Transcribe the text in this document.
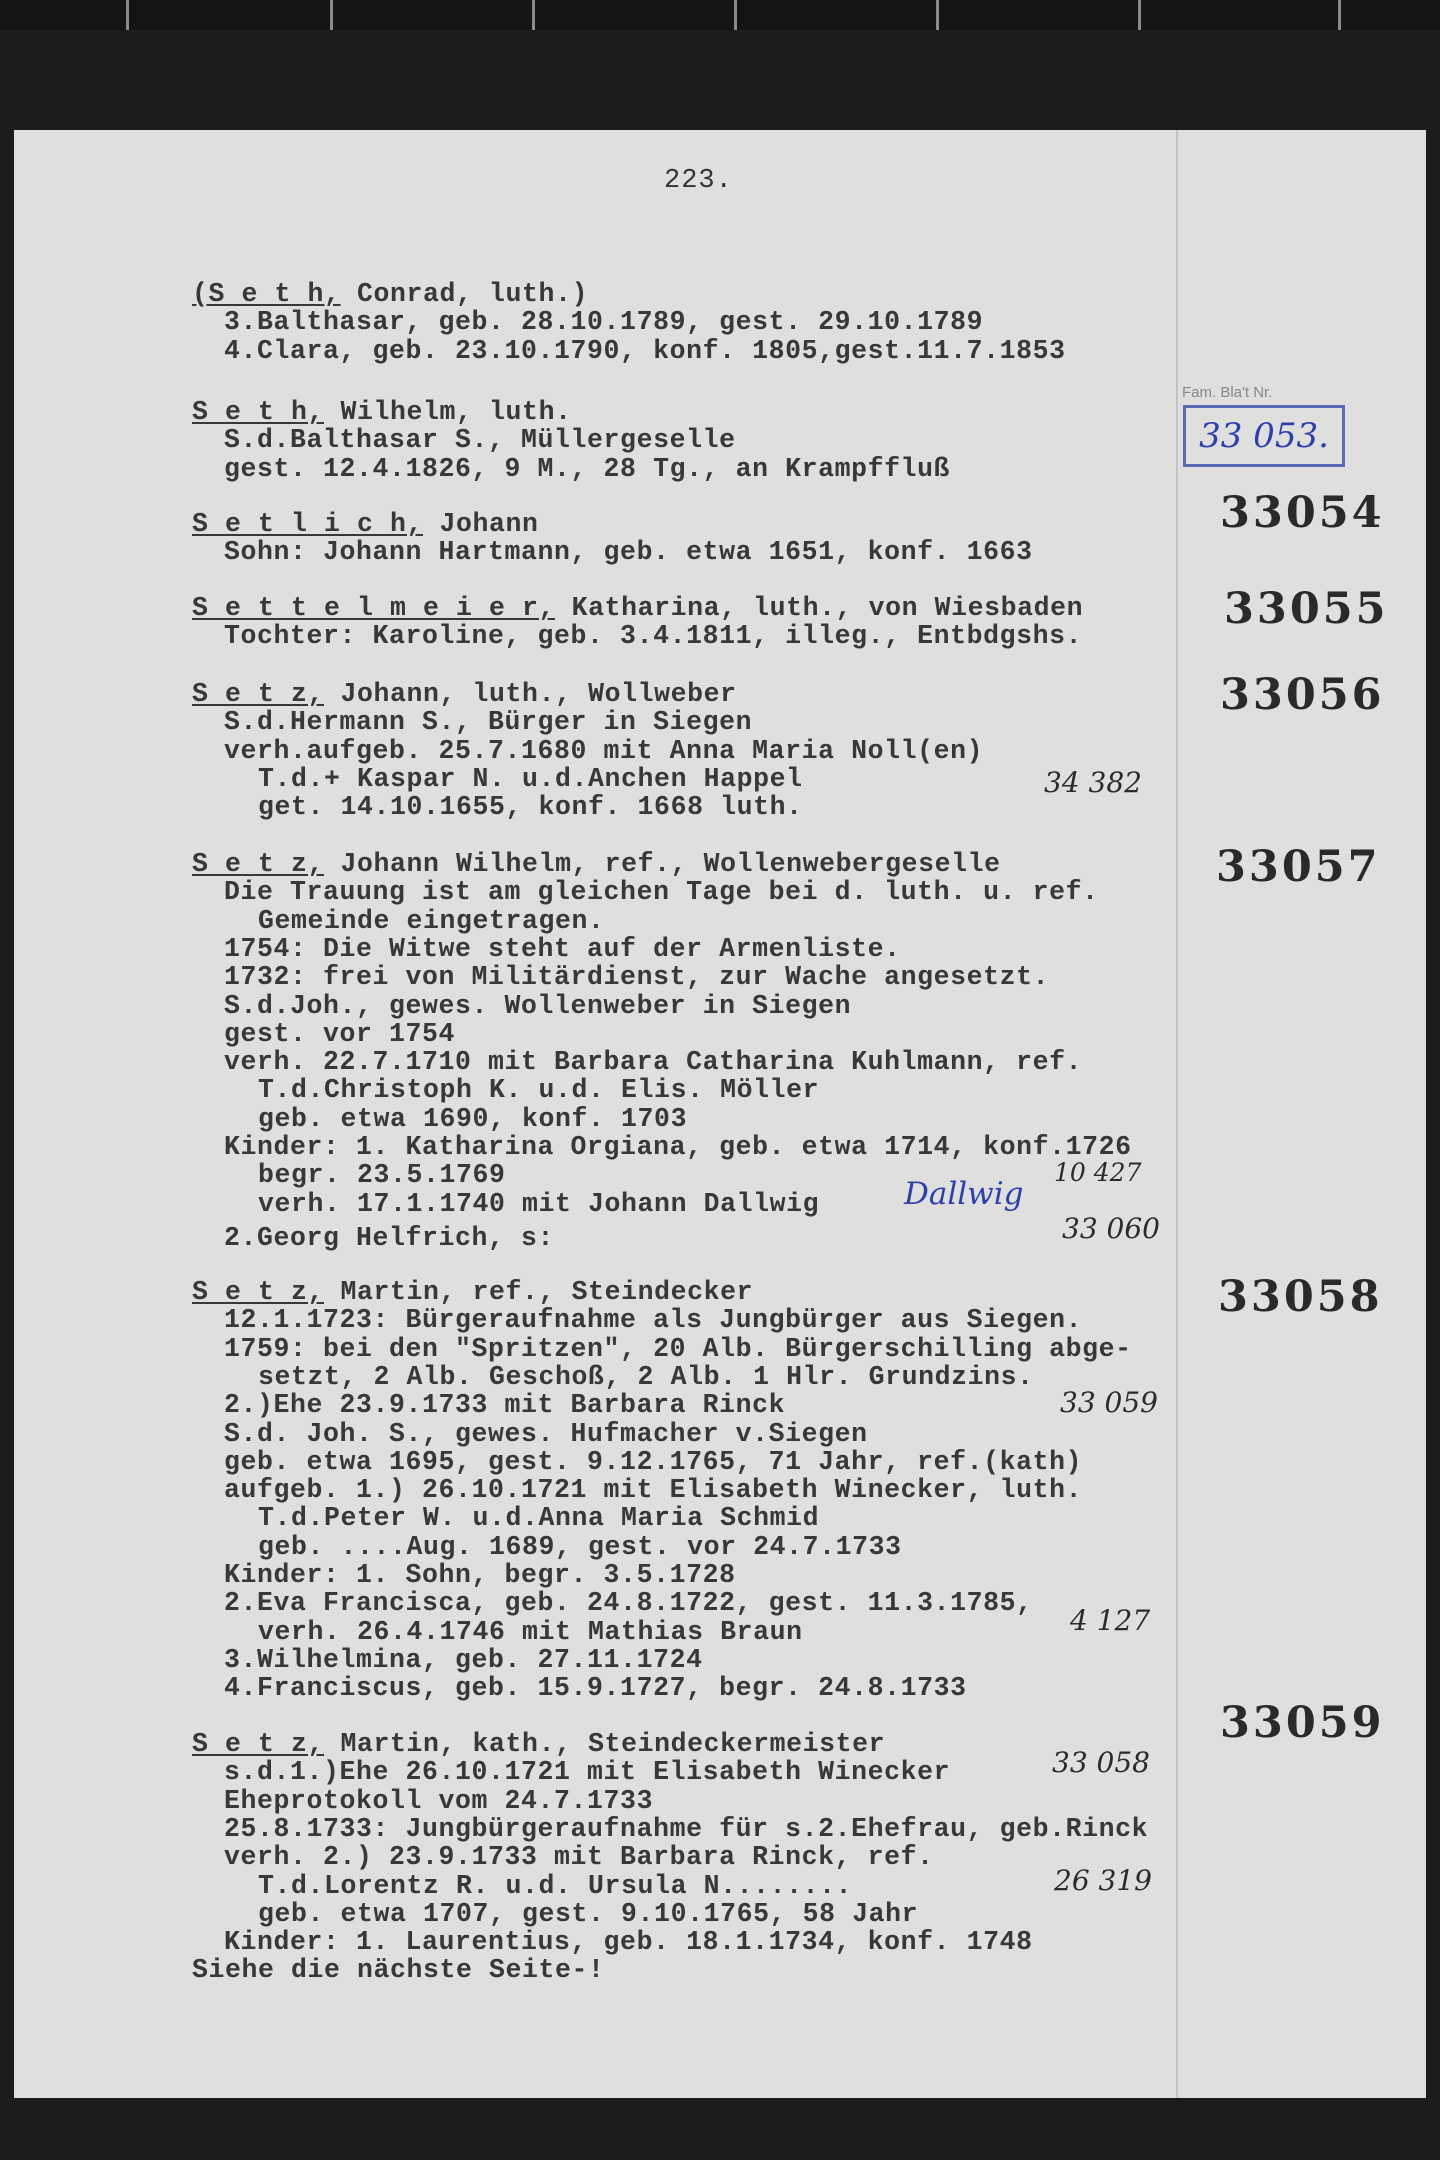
223.
Fam. Bla't Nr.
33 053.
33054
33055
33056
33057
33058
33059
34 382
10 427
Dallwig
33 060
33 059
4 127
33 058
26 319
(S e t h, Conrad, luth.)
3.Balthasar, geb. 28.10.1789, gest. 29.10.1789
4.Clara, geb. 23.10.1790, konf. 1805,gest.11.7.1853
S e t h, Wilhelm, luth.
S.d.Balthasar S., Müllergeselle
gest. 12.4.1826, 9 M., 28 Tg., an Krampffluß
S e t l i c h, Johann
Sohn: Johann Hartmann, geb. etwa 1651, konf. 1663
S e t t e l m e i e r, Katharina, luth., von Wiesbaden
Tochter: Karoline, geb. 3.4.1811, illeg., Entbdgshs.
S e t z, Johann, luth., Wollweber
S.d.Hermann S., Bürger in Siegen
verh.aufgeb. 25.7.1680 mit Anna Maria Noll(en)
T.d.+ Kaspar N. u.d.Anchen Happel
get. 14.10.1655, konf. 1668 luth.
S e t z, Johann Wilhelm, ref., Wollenwebergeselle
Die Trauung ist am gleichen Tage bei d. luth. u. ref.
Gemeinde eingetragen.
1754: Die Witwe steht auf der Armenliste.
1732: frei von Militärdienst, zur Wache angesetzt.
S.d.Joh., gewes. Wollenweber in Siegen
gest. vor 1754
verh. 22.7.1710 mit Barbara Catharina Kuhlmann, ref.
T.d.Christoph K. u.d. Elis. Möller
geb. etwa 1690, konf. 1703
Kinder: 1. Katharina Orgiana, geb. etwa 1714, konf.1726
begr. 23.5.1769
verh. 17.1.1740 mit Johann Dallwig
2.Georg Helfrich, s:
S e t z, Martin, ref., Steindecker
12.1.1723: Bürgeraufnahme als Jungbürger aus Siegen.
1759: bei den "Spritzen", 20 Alb. Bürgerschilling abge-
setzt, 2 Alb. Geschoß, 2 Alb. 1 Hlr. Grundzins.
2.)Ehe 23.9.1733 mit Barbara Rinck
S.d. Joh. S., gewes. Hufmacher v.Siegen
geb. etwa 1695, gest. 9.12.1765, 71 Jahr, ref.(kath)
aufgeb. 1.) 26.10.1721 mit Elisabeth Winecker, luth.
T.d.Peter W. u.d.Anna Maria Schmid
geb. ....Aug. 1689, gest. vor 24.7.1733
Kinder: 1. Sohn, begr. 3.5.1728
2.Eva Francisca, geb. 24.8.1722, gest. 11.3.1785,
verh. 26.4.1746 mit Mathias Braun
3.Wilhelmina, geb. 27.11.1724
4.Franciscus, geb. 15.9.1727, begr. 24.8.1733
S e t z, Martin, kath., Steindeckermeister
s.d.1.)Ehe 26.10.1721 mit Elisabeth Winecker
Eheprotokoll vom 24.7.1733
25.8.1733: Jungbürgeraufnahme für s.2.Ehefrau, geb.Rinck
verh. 2.) 23.9.1733 mit Barbara Rinck, ref.
T.d.Lorentz R. u.d. Ursula N........
geb. etwa 1707, gest. 9.10.1765, 58 Jahr
Kinder: 1. Laurentius, geb. 18.1.1734, konf. 1748
Siehe die nächste Seite-!
